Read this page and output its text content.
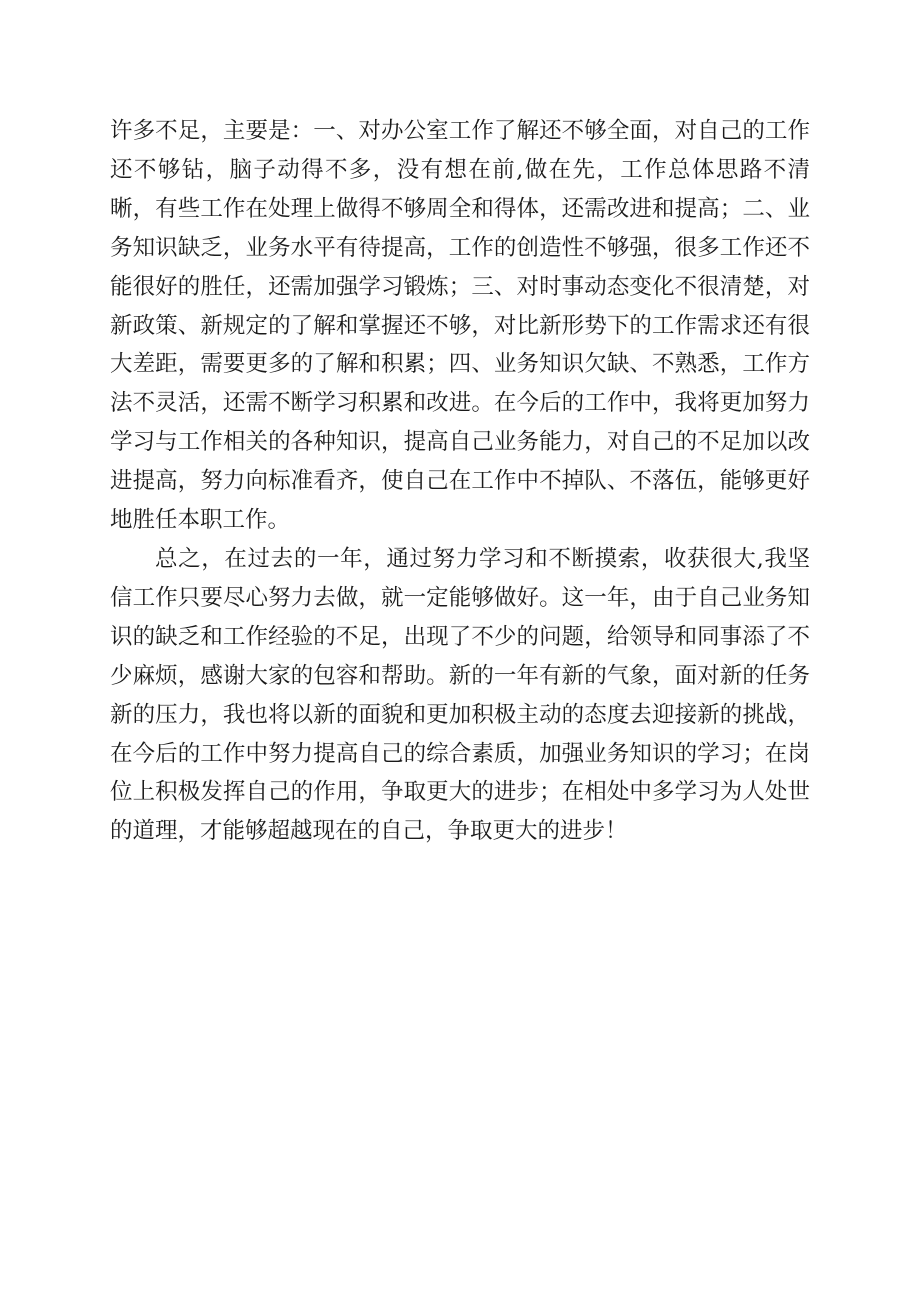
许多不足，主要是：一、对办公室工作了解还不够全面，对自己的工作还不够钻，脑子动得不多，没有想在前,做在先，工作总体思路不清晰，有些工作在处理上做得不够周全和得体，还需改进和提高；二、业务知识缺乏，业务水平有待提高，工作的创造性不够强，很多工作还不能很好的胜任，还需加强学习锻炼；三、对时事动态变化不很清楚，对新政策、新规定的了解和掌握还不够，对比新形势下的工作需求还有很大差距，需要更多的了解和积累；四、业务知识欠缺、不熟悉，工作方法不灵活，还需不断学习积累和改进。在今后的工作中，我将更加努力学习与工作相关的各种知识，提高自己业务能力，对自己的不足加以改进提高，努力向标准看齐，使自己在工作中不掉队、不落伍，能够更好地胜任本职工作。

总之，在过去的一年，通过努力学习和不断摸索，收获很大,我坚信工作只要尽心努力去做，就一定能够做好。这一年，由于自己业务知识的缺乏和工作经验的不足，出现了不少的问题，给领导和同事添了不少麻烦，感谢大家的包容和帮助。新的一年有新的气象，面对新的任务新的压力，我也将以新的面貌和更加积极主动的态度去迎接新的挑战，在今后的工作中努力提高自己的综合素质，加强业务知识的学习；在岗位上积极发挥自己的作用，争取更大的进步；在相处中多学习为人处世的道理，才能够超越现在的自己，争取更大的进步！
